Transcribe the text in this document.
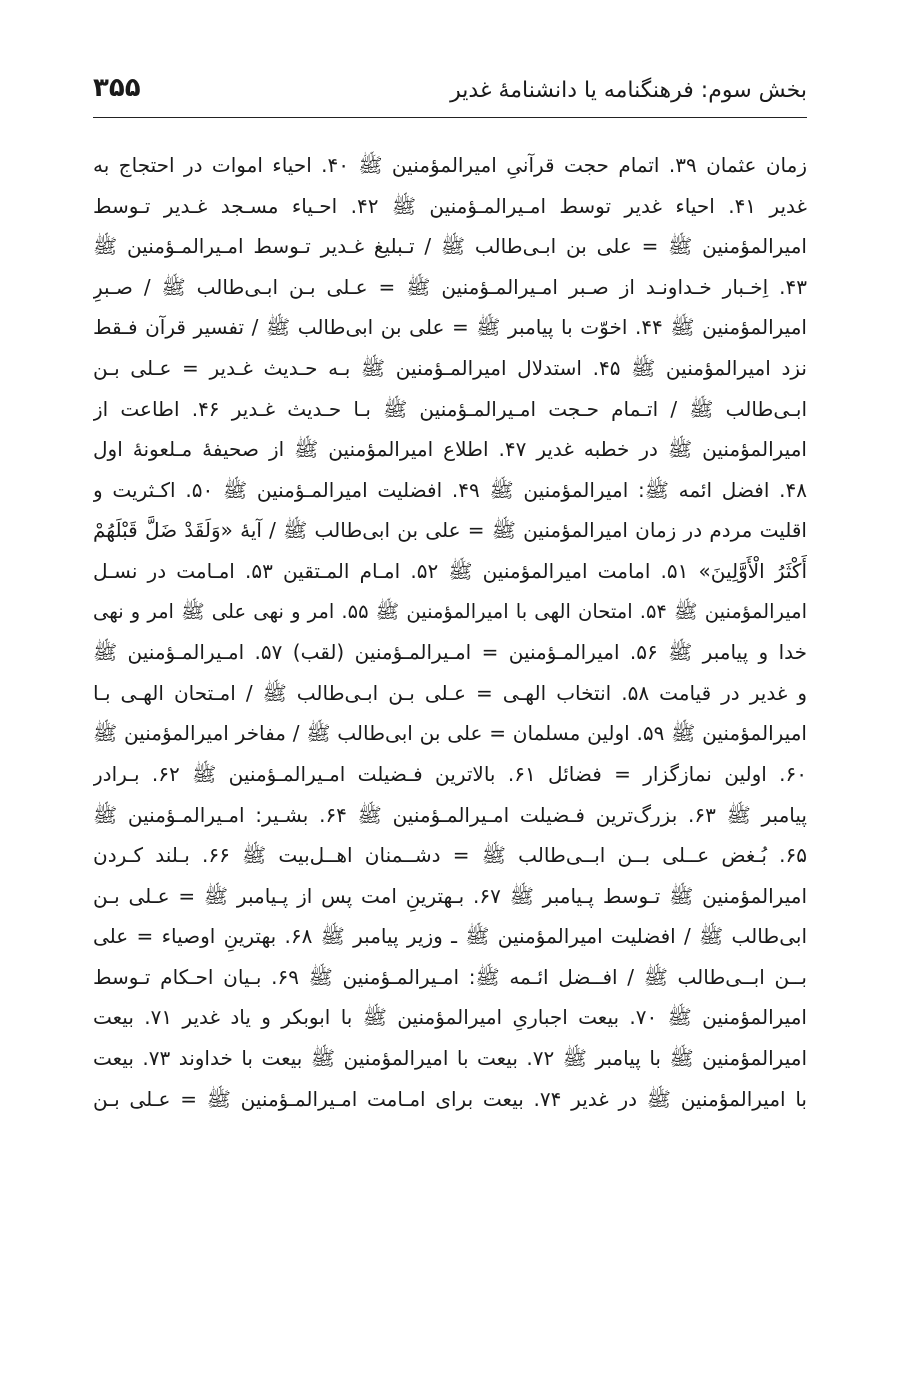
بخش سوم: فرهنگنامه یا دانشنامهٔ غدیر
۳۵۵
زمان عثمان ۳۹. اتمام حجت قرآنیِ امیرالمؤمنین ﷺ ۴۰. احیاء اموات در احتجاج به
غدیر ۴۱. احیاء غدیر توسط امـیرالمـؤمنین ﷺ ۴۲. احـیاء مسـجد غـدیر تـوسط
امیرالمؤمنین ﷺ = علی بن ابـی‌طالب ﷺ / تـبلیغ غـدیر تـوسط امـیرالمـؤمنین ﷺ
۴۳. اِخـبار خـداونـد از صـبر امـیرالمـؤمنین ﷺ = عـلی بـن ابـی‌طالب ﷺ / صـبرِ
امیرالمؤمنین ﷺ ۴۴. اخوّت با پیامبر ﷺ = علی بن ابی‌طالب ﷺ / تفسیر قرآن فـقط
نزد امیرالمؤمنین ﷺ ۴۵. استدلال امیرالمـؤمنین ﷺ بـه حـدیث غـدیر = عـلی بـن
ابـی‌طالب ﷺ / اتـمام حـجت امـیرالمـؤمنین ﷺ بـا حـدیث غـدیر ۴۶. اطاعت از
امیرالمؤمنین ﷺ در خطبه غدیر ۴۷. اطلاع امیرالمؤمنین ﷺ از صحیفهٔ مـلعونهٔ اول
۴۸. افضل ائمه ﷺ: امیرالمؤمنین ﷺ ۴۹. افضلیت امیرالمـؤمنین ﷺ ۵۰. اکـثریت و
اقلیت مردم در زمان امیرالمؤمنین ﷺ = علی بن ابی‌طالب ﷺ / آیهٔ «وَلَقَدْ ضَلَّ قَبْلَهُمْ
أَكْثَرُ الْأَوَّلِينَ» ۵۱. امامت امیرالمؤمنین ﷺ ۵۲. امـام المـتقین ۵۳. امـامت در نسـل
امیرالمؤمنین ﷺ ۵۴. امتحان الهی با امیرالمؤمنین ﷺ ۵۵. امر و نهی علی ﷺ امر و نهی
خدا و پیامبر ﷺ ۵۶. امیرالمـؤمنین = امـیرالمـؤمنین (لقب) ۵۷. امـیرالمـؤمنین ﷺ
و غدیر در قیامت ۵۸. انتخاب الهـی = عـلی بـن ابـی‌طالب ﷺ / امـتحان الهـی بـا
امیرالمؤمنین ﷺ ۵۹. اولین مسلمان = علی بن ابی‌طالب ﷺ / مفاخر امیرالمؤمنین ﷺ
۶۰. اولین نمازگزار = فضائل ۶۱. بالاترین فـضیلت امـیرالمـؤمنین ﷺ ۶۲. بـرادر
پیامبر ﷺ ۶۳. بزرگ‌ترین فـضیلت امـیرالمـؤمنین ﷺ ۶۴. بشـیر: امـیرالمـؤمنین ﷺ
۶۵. بُـغض عــلی بــن ابــی‌طالب ﷺ = دشــمنان اهــل‌بیت ﷺ ۶۶. بـلند کـردن
امیرالمؤمنین ﷺ تـوسط پـیامبر ﷺ ۶۷. بـهترینِ امت پس از پـیامبر ﷺ = عـلی بـن
ابی‌طالب ﷺ / افضلیت امیرالمؤمنین ﷺ ـ وزیر پیامبر ﷺ ۶۸. بهترینِ اوصیاء = علی
بــن ابــی‌طالب ﷺ / افــضل ائـمه ﷺ: امـیرالمـؤمنین ﷺ ۶۹. بـیان احـکام تـوسط
امیرالمؤمنین ﷺ ۷۰. بیعت اجباریِ امیرالمؤمنین ﷺ با ابوبکر و یاد غدیر ۷۱. بیعت
امیرالمؤمنین ﷺ با پیامبر ﷺ ۷۲. بیعت با امیرالمؤمنین ﷺ بیعت با خداوند ۷۳. بیعت
با امیرالمؤمنین ﷺ در غدیر ۷۴. بیعت برای امـامت امـیرالمـؤمنین ﷺ = عـلی بـن
